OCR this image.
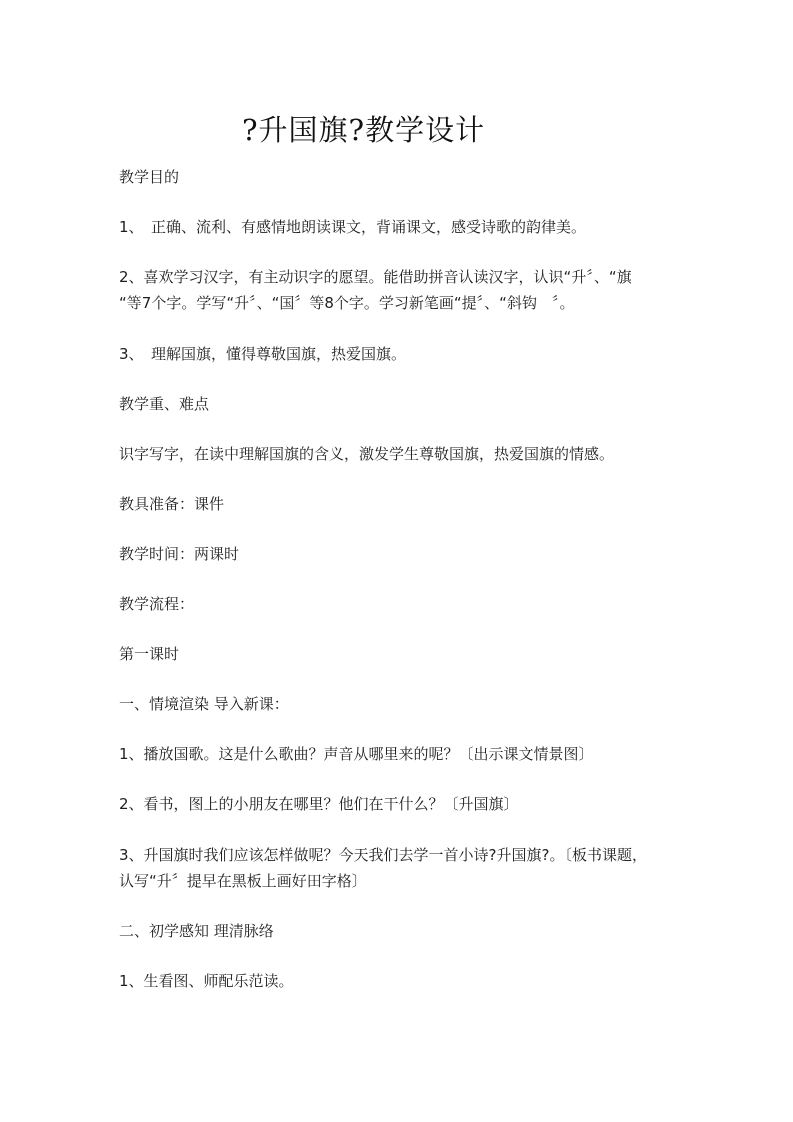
?升国旗?教学设计
教学目的
1、　正确、流利、有感情地朗读课文，背诵课文，感受诗歌的韵律美。
2、喜欢学习汉字，有主动识字的愿望。能借助拼音认读汉字，认识“升〞、“旗
“等7个字。学写“升〞、“国〞等8个字。学习新笔画“提〞、“斜钩　〞。
3、　理解国旗，懂得尊敬国旗，热爱国旗。
教学重、难点
识字写字，在读中理解国旗的含义，激发学生尊敬国旗，热爱国旗的情感。
教具准备：课件
教学时间：两课时
教学流程：
第一课时
一、情境渲染 导入新课：
1、播放国歌。这是什么歌曲？声音从哪里来的呢？〔出示课文情景图〕
2、看书，图上的小朋友在哪里？他们在干什么？〔升国旗〕
3、升国旗时我们应该怎样做呢？今天我们去学一首小诗?升国旗?。〔板书课题，
认写“升〞提早在黑板上画好田字格〕
二、初学感知 理清脉络
1、生看图、师配乐范读。
